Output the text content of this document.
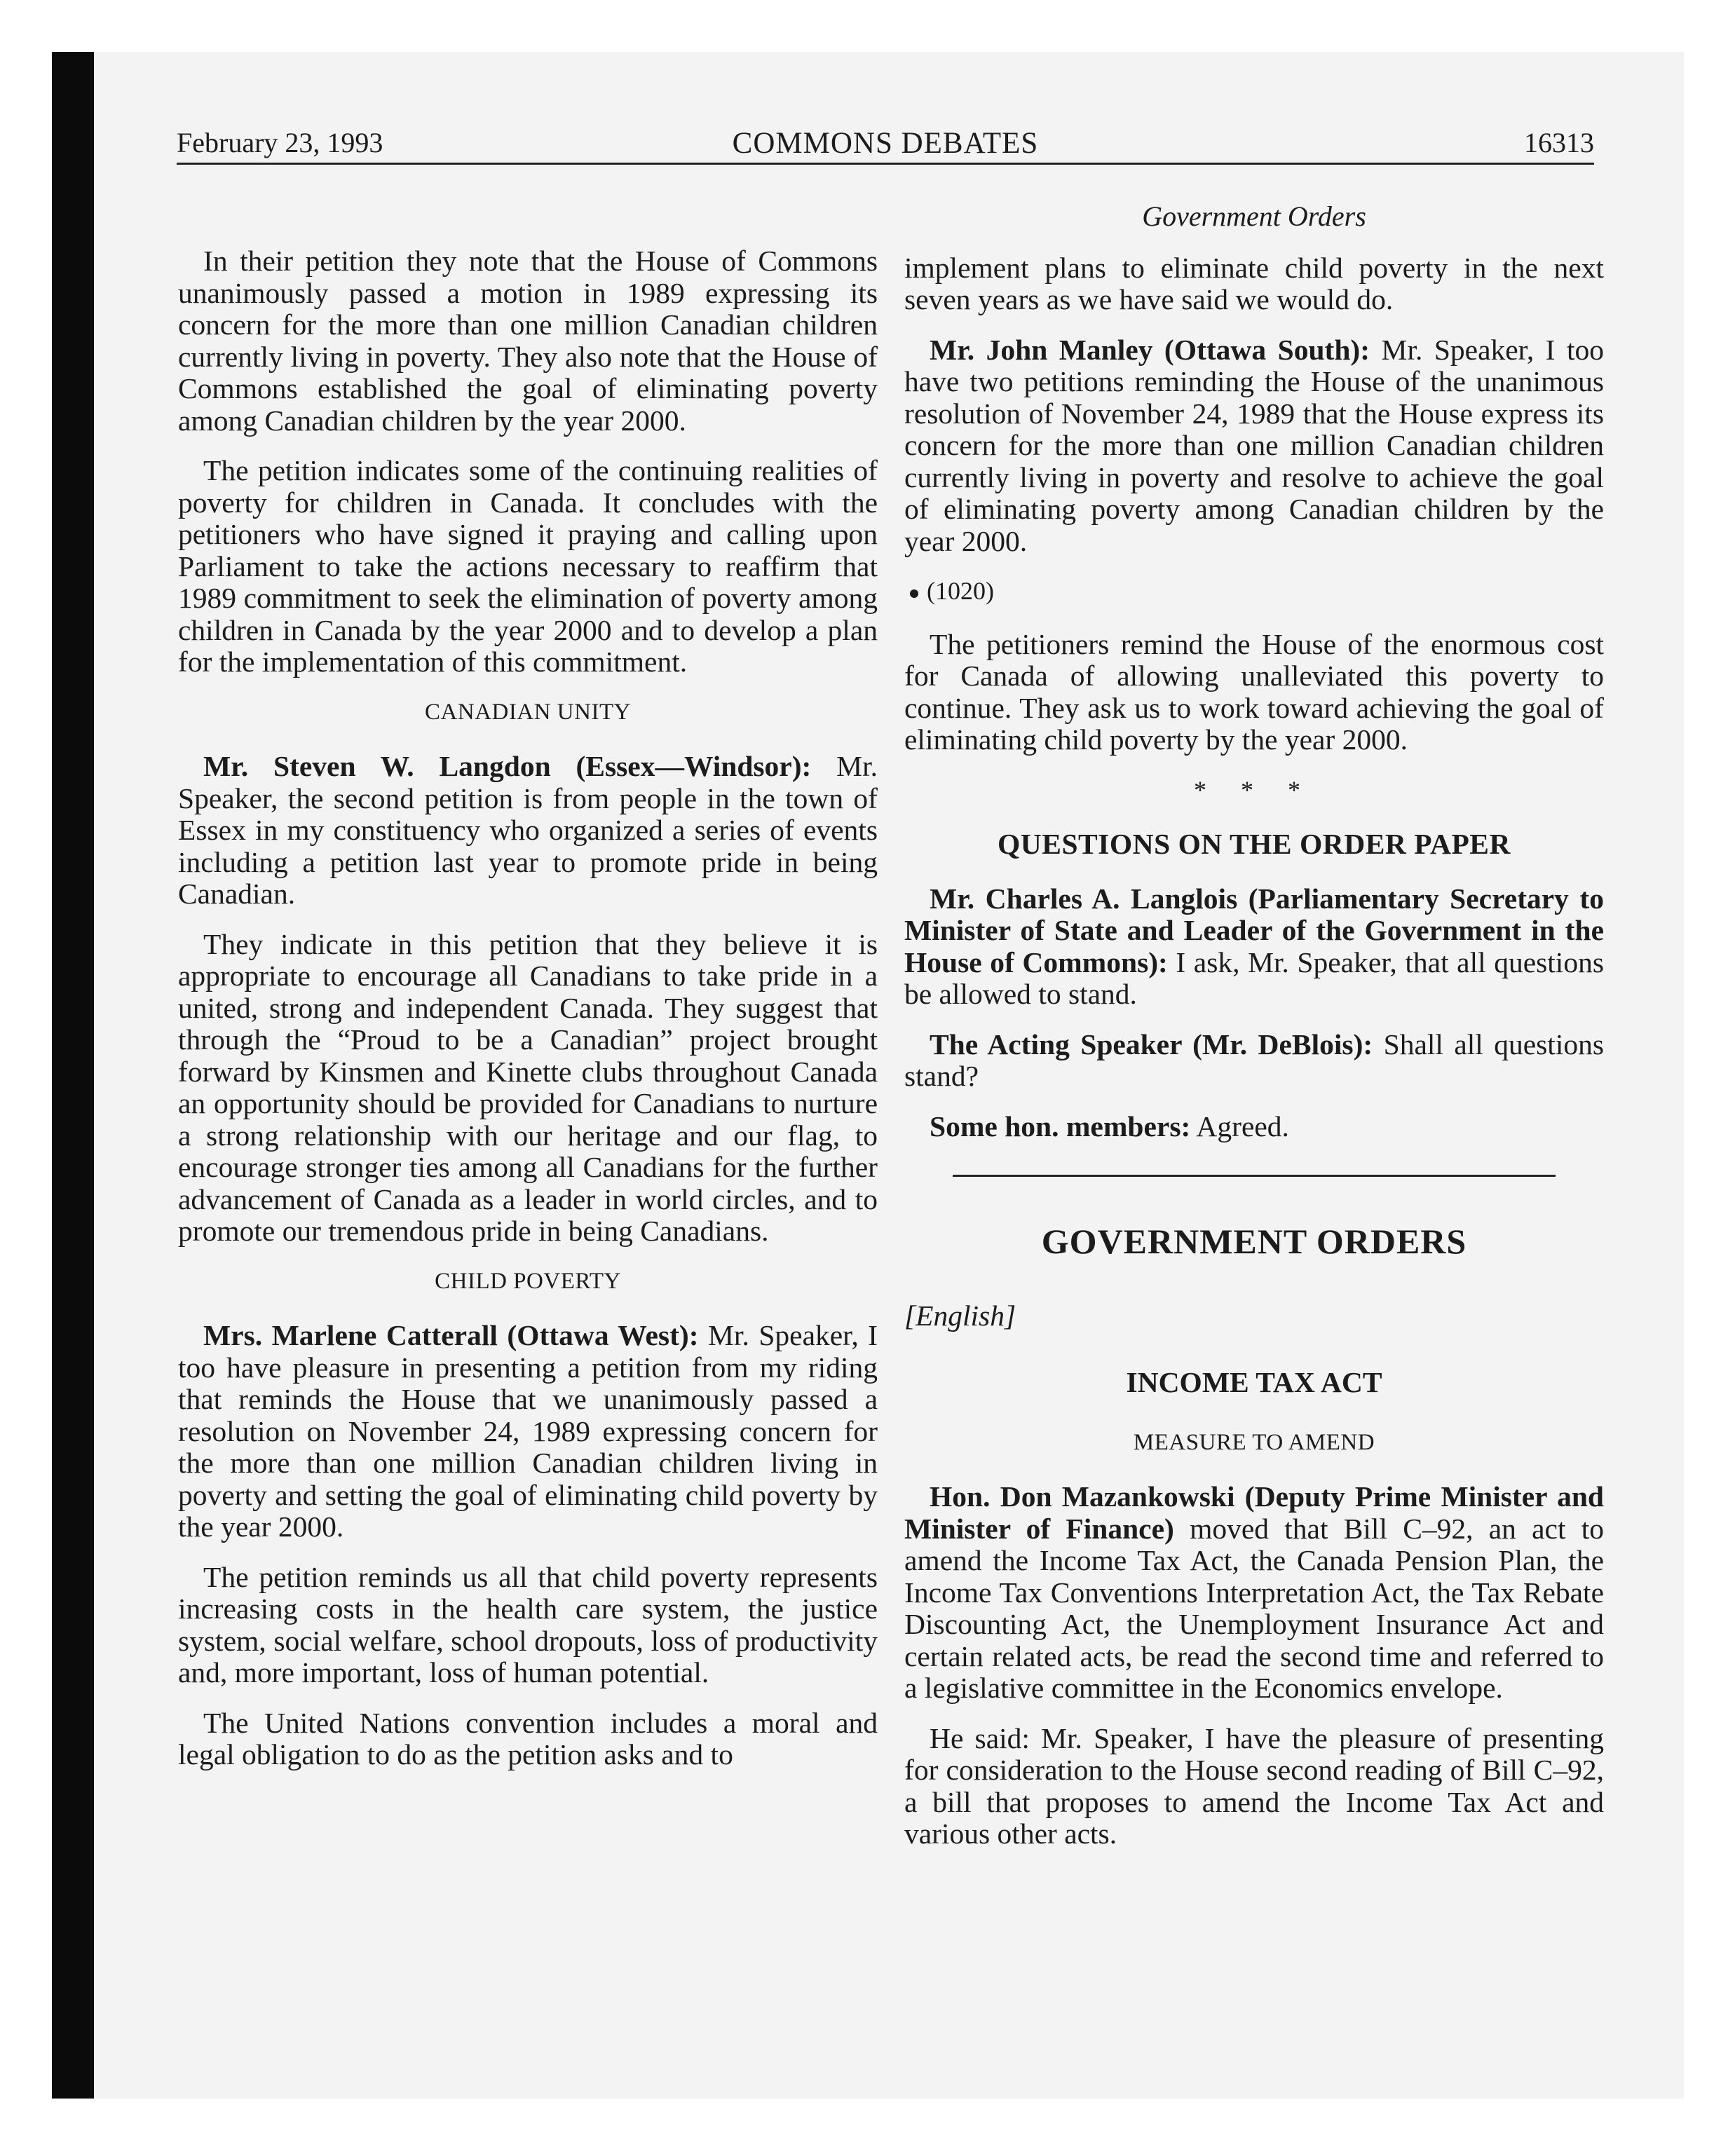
February 23, 1993	COMMONS DEBATES	16313

In their petition they note that the House of Commons unanimously passed a motion in 1989 expressing its concern for the more than one million Canadian children currently living in poverty. They also note that the House of Commons established the goal of eliminating poverty among Canadian children by the year 2000.

The petition indicates some of the continuing realities of poverty for children in Canada. It concludes with the petitioners who have signed it praying and calling upon Parliament to take the actions necessary to reaffirm that 1989 commitment to seek the elimination of poverty among children in Canada by the year 2000 and to develop a plan for the implementation of this commitment.

CANADIAN UNITY

Mr. Steven W. Langdon (Essex—Windsor): Mr. Speaker, the second petition is from people in the town of Essex in my constituency who organized a series of events including a petition last year to promote pride in being Canadian.

They indicate in this petition that they believe it is appropriate to encourage all Canadians to take pride in a united, strong and independent Canada. They suggest that through the “Proud to be a Canadian” project brought forward by Kinsmen and Kinette clubs throughout Canada an opportunity should be provided for Canadians to nurture a strong relationship with our heritage and our flag, to encourage stronger ties among all Canadians for the further advancement of Canada as a leader in world circles, and to promote our tremendous pride in being Canadians.

CHILD POVERTY

Mrs. Marlene Catterall (Ottawa West): Mr. Speaker, I too have pleasure in presenting a petition from my riding that reminds the House that we unanimously passed a resolution on November 24, 1989 expressing concern for the more than one million Canadian children living in poverty and setting the goal of eliminating child poverty by the year 2000.

The petition reminds us all that child poverty represents increasing costs in the health care system, the justice system, social welfare, school dropouts, loss of productivity and, more important, loss of human potential.

The United Nations convention includes a moral and legal obligation to do as the petition asks and to

Government Orders

implement plans to eliminate child poverty in the next seven years as we have said we would do.

Mr. John Manley (Ottawa South): Mr. Speaker, I too have two petitions reminding the House of the unanimous resolution of November 24, 1989 that the House express its concern for the more than one million Canadian children currently living in poverty and resolve to achieve the goal of eliminating poverty among Canadian children by the year 2000.

(1020)

The petitioners remind the House of the enormous cost for Canada of allowing unalleviated this poverty to continue. They ask us to work toward achieving the goal of eliminating child poverty by the year 2000.

* * *
QUESTIONS ON THE ORDER PAPER

Mr. Charles A. Langlois (Parliamentary Secretary to Minister of State and Leader of the Government in the House of Commons): I ask, Mr. Speaker, that all questions be allowed to stand.

The Acting Speaker (Mr. DeBlois): Shall all questions stand?

Some hon. members: Agreed.

GOVERNMENT ORDERS

[English]

INCOME TAX ACT
MEASURE TO AMEND

Hon. Don Mazankowski (Deputy Prime Minister and Minister of Finance) moved that Bill C–92, an act to amend the Income Tax Act, the Canada Pension Plan, the Income Tax Conventions Interpretation Act, the Tax Rebate Discounting Act, the Unemployment Insurance Act and certain related acts, be read the second time and referred to a legislative committee in the Economics envelope.

He said: Mr. Speaker, I have the pleasure of presenting for consideration to the House second reading of Bill C–92, a bill that proposes to amend the Income Tax Act and various other acts.
